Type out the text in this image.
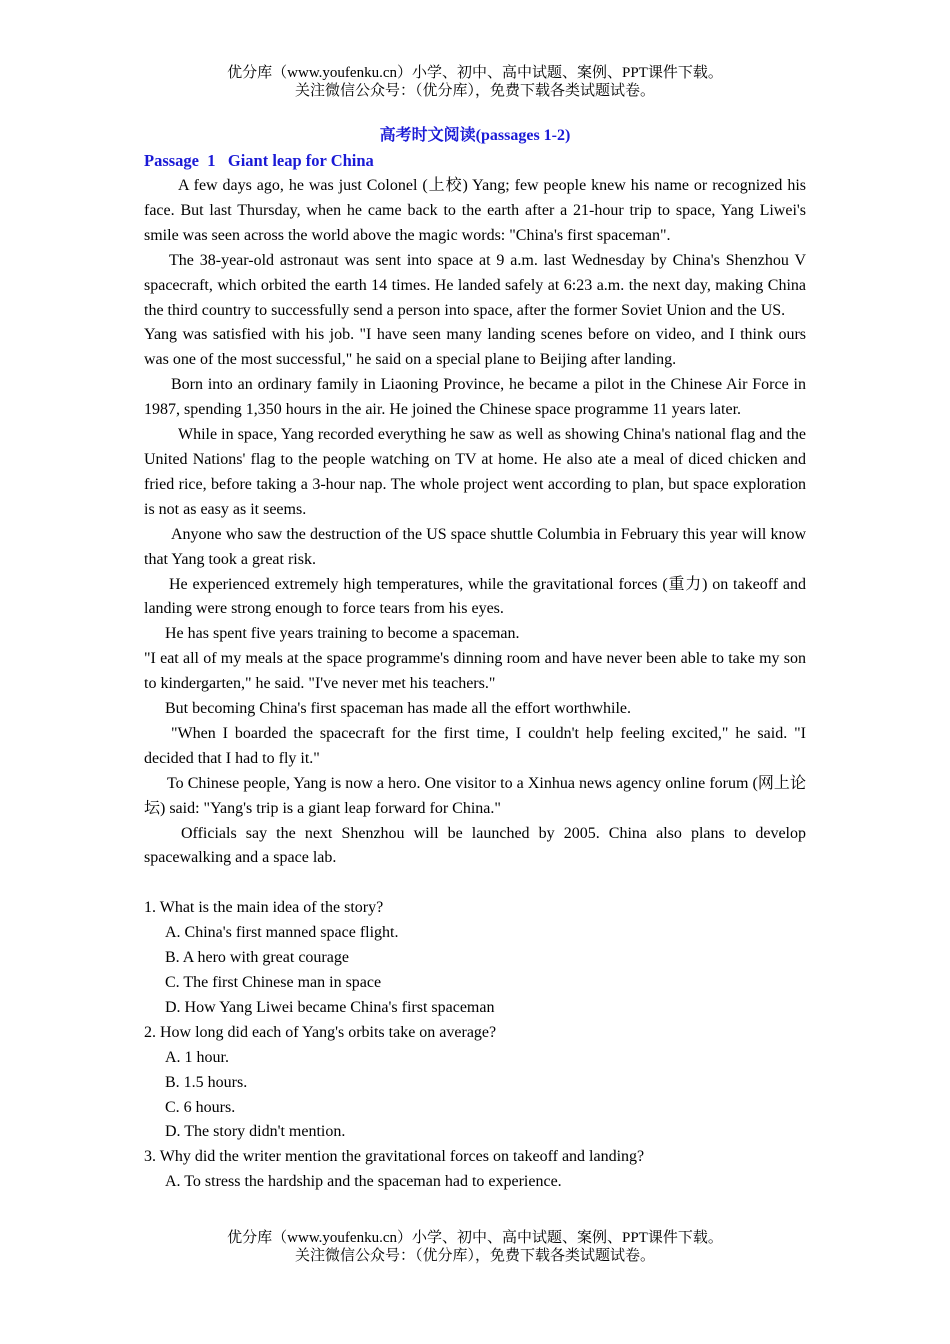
优分库（www.youfenku.cn）小学、初中、高中试题、案例、PPT课件下载。
关注微信公众号：（优分库），免费下载各类试题试卷。

高考时文阅读(passages 1-2)

Passage  1   Giant leap for China

A few days ago, he was just Colonel (上校) Yang; few people knew his name or recognized his face. But last Thursday, when he came back to the earth after a 21-hour trip to space, Yang Liwei's smile was seen across the world above the magic words: "China's first spaceman".

The 38-year-old astronaut was sent into space at 9 a.m. last Wednesday by China's Shenzhou V spacecraft, which orbited the earth 14 times. He landed safely at 6:23 a.m. the next day, making China the third country to successfully send a person into space, after the former Soviet Union and the US.

Yang was satisfied with his job. "I have seen many landing scenes before on video, and I think ours was one of the most successful," he said on a special plane to Beijing after landing.

Born into an ordinary family in Liaoning Province, he became a pilot in the Chinese Air Force in 1987, spending 1,350 hours in the air. He joined the Chinese space programme 11 years later.

While in space, Yang recorded everything he saw as well as showing China's national flag and the United Nations' flag to the people watching on TV at home. He also ate a meal of diced chicken and fried rice, before taking a 3-hour nap. The whole project went according to plan, but space exploration is not as easy as it seems.

Anyone who saw the destruction of the US space shuttle Columbia in February this year will know that Yang took a great risk.

He experienced extremely high temperatures, while the gravitational forces (重力) on takeoff and landing were strong enough to force tears from his eyes.

He has spent five years training to become a spaceman.

"I eat all of my meals at the space programme's dinning room and have never been able to take my son to kindergarten," he said. "I've never met his teachers."

But becoming China's first spaceman has made all the effort worthwhile.

"When I boarded the spacecraft for the first time, I couldn't help feeling excited," he said. "I decided that I had to fly it."

To Chinese people, Yang is now a hero. One visitor to a Xinhua news agency online forum (网上论坛) said: "Yang's trip is a giant leap forward for China."

Officials say the next Shenzhou will be launched by 2005. China also plans to develop spacewalking and a space lab.

1. What is the main idea of the story?

A. China's first manned space flight.

B. A hero with great courage

C. The first Chinese man in space

D. How Yang Liwei became China's first spaceman

2. How long did each of Yang's orbits take on average?

A. 1 hour.

B. 1.5 hours.

C. 6 hours.

D. The story didn't mention.

3. Why did the writer mention the gravitational forces on takeoff and landing?

A. To stress the hardship and the spaceman had to experience.

优分库（www.youfenku.cn）小学、初中、高中试题、案例、PPT课件下载。
关注微信公众号：（优分库），免费下载各类试题试卷。
